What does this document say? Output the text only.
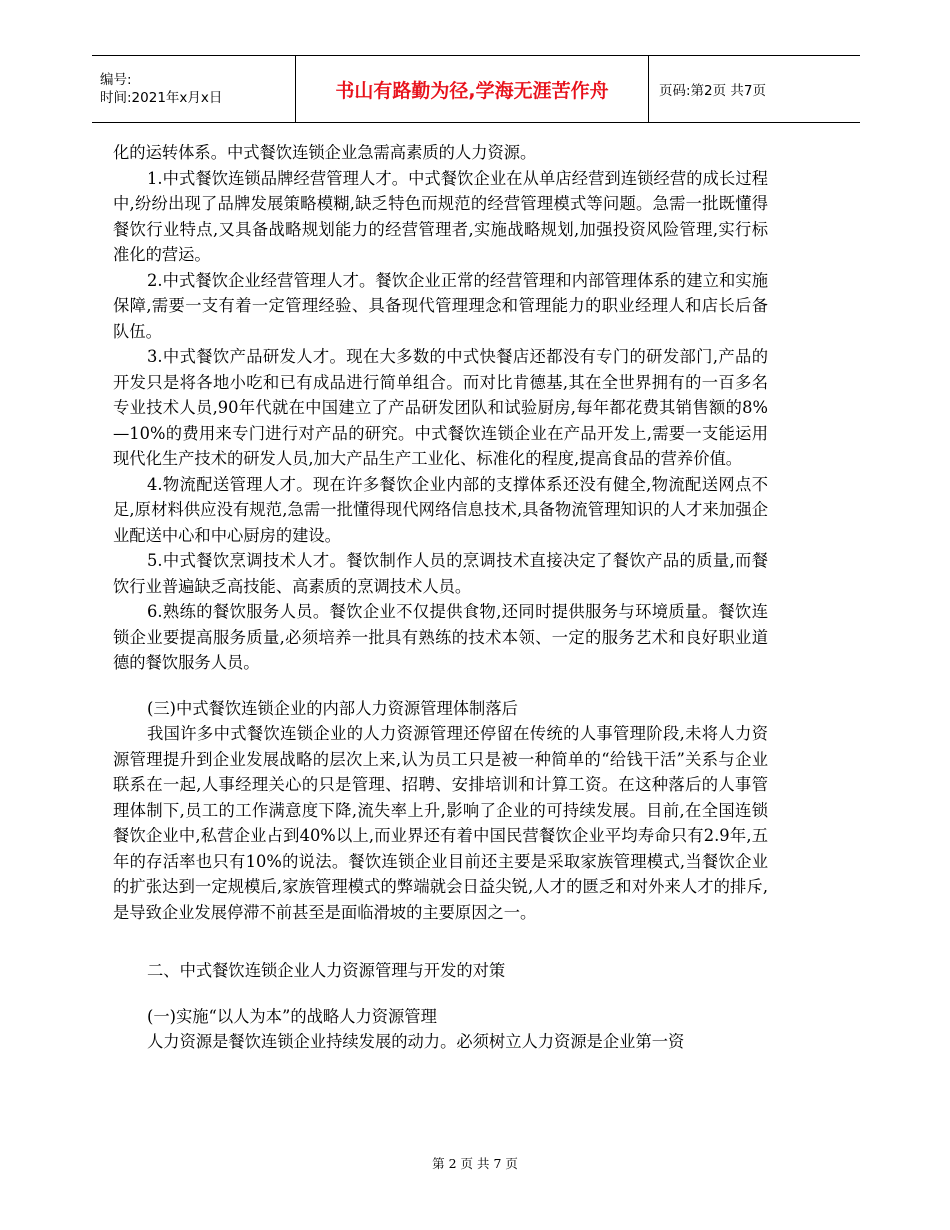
编号:
时间:2021年x月x日	书山有路勤为径,学海无涯苦作舟	页码:第2页 共7页

化的运转体系。中式餐饮连锁企业急需高素质的人力资源。

1.中式餐饮连锁品牌经营管理人才。中式餐饮企业在从单店经营到连锁经营的成长过程中,纷纷出现了品牌发展策略模糊,缺乏特色而规范的经营管理模式等问题。急需一批既懂得餐饮行业特点,又具备战略规划能力的经营管理者,实施战略规划,加强投资风险管理,实行标准化的营运。

2.中式餐饮企业经营管理人才。餐饮企业正常的经营管理和内部管理体系的建立和实施保障,需要一支有着一定管理经验、具备现代管理理念和管理能力的职业经理人和店长后备队伍。

3.中式餐饮产品研发人才。现在大多数的中式快餐店还都没有专门的研发部门,产品的开发只是将各地小吃和已有成品进行简单组合。而对比肯德基,其在全世界拥有的一百多名专业技术人员,90年代就在中国建立了产品研发团队和试验厨房,每年都花费其销售额的8%—10%的费用来专门进行对产品的研究。中式餐饮连锁企业在产品开发上,需要一支能运用现代化生产技术的研发人员,加大产品生产工业化、标准化的程度,提高食品的营养价值。

4.物流配送管理人才。现在许多餐饮企业内部的支撑体系还没有健全,物流配送网点不足,原材料供应没有规范,急需一批懂得现代网络信息技术,具备物流管理知识的人才来加强企业配送中心和中心厨房的建设。

5.中式餐饮烹调技术人才。餐饮制作人员的烹调技术直接决定了餐饮产品的质量,而餐饮行业普遍缺乏高技能、高素质的烹调技术人员。

6.熟练的餐饮服务人员。餐饮企业不仅提供食物,还同时提供服务与环境质量。餐饮连锁企业要提高服务质量,必须培养一批具有熟练的技术本领、一定的服务艺术和良好职业道德的餐饮服务人员。

(三)中式餐饮连锁企业的内部人力资源管理体制落后

我国许多中式餐饮连锁企业的人力资源管理还停留在传统的人事管理阶段,未将人力资源管理提升到企业发展战略的层次上来,认为员工只是被一种简单的“给钱干活”关系与企业联系在一起,人事经理关心的只是管理、招聘、安排培训和计算工资。在这种落后的人事管理体制下,员工的工作满意度下降,流失率上升,影响了企业的可持续发展。目前,在全国连锁餐饮企业中,私营企业占到40%以上,而业界还有着中国民营餐饮企业平均寿命只有2.9年,五年的存活率也只有10%的说法。餐饮连锁企业目前还主要是采取家族管理模式,当餐饮企业的扩张达到一定规模后,家族管理模式的弊端就会日益尖锐,人才的匮乏和对外来人才的排斥,是导致企业发展停滞不前甚至是面临滑坡的主要原因之一。

二、中式餐饮连锁企业人力资源管理与开发的对策

(一)实施“以人为本”的战略人力资源管理

人力资源是餐饮连锁企业持续发展的动力。必须树立人力资源是企业第一资

第 2 页 共 7 页
